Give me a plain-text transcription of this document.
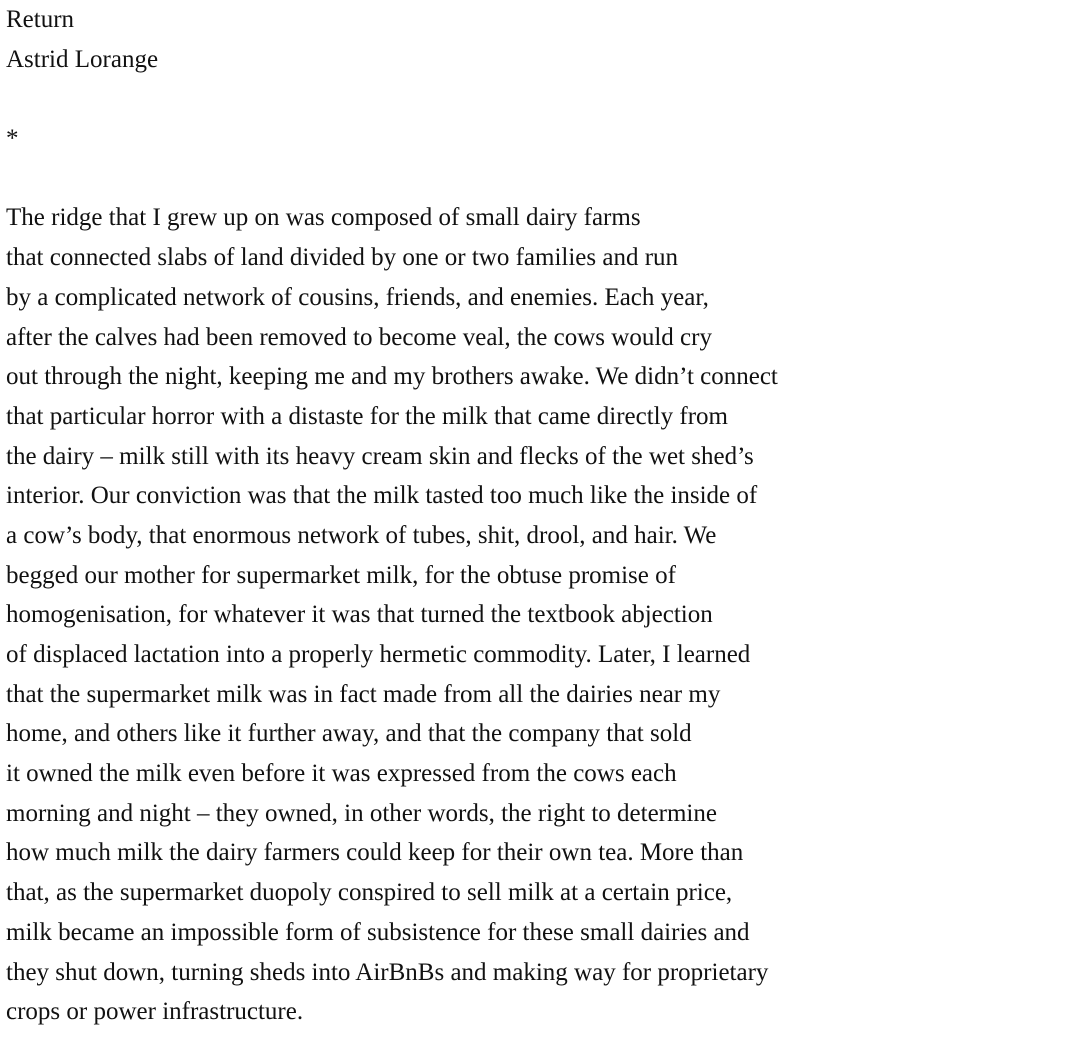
Return
Astrid Lorange
*
The ridge that I grew up on was composed of small dairy farms
that connected slabs of land divided by one or two families and run
by a complicated network of cousins, friends, and enemies. Each year,
after the calves had been removed to become veal, the cows would cry
out through the night, keeping me and my brothers awake. We didn’t connect
that particular horror with a distaste for the milk that came directly from
the dairy – milk still with its heavy cream skin and flecks of the wet shed’s
interior. Our conviction was that the milk tasted too much like the inside of
a cow’s body, that enormous network of tubes, shit, drool, and hair. We
begged our mother for supermarket milk, for the obtuse promise of
homogenisation, for whatever it was that turned the textbook abjection
of displaced lactation into a properly hermetic commodity. Later, I learned
that the supermarket milk was in fact made from all the dairies near my
home, and others like it further away, and that the company that sold
it owned the milk even before it was expressed from the cows each
morning and night – they owned, in other words, the right to determine
how much milk the dairy farmers could keep for their own tea. More than
that, as the supermarket duopoly conspired to sell milk at a certain price,
milk became an impossible form of subsistence for these small dairies and
they shut down, turning sheds into AirBnBs and making way for proprietary
crops or power infrastructure.
